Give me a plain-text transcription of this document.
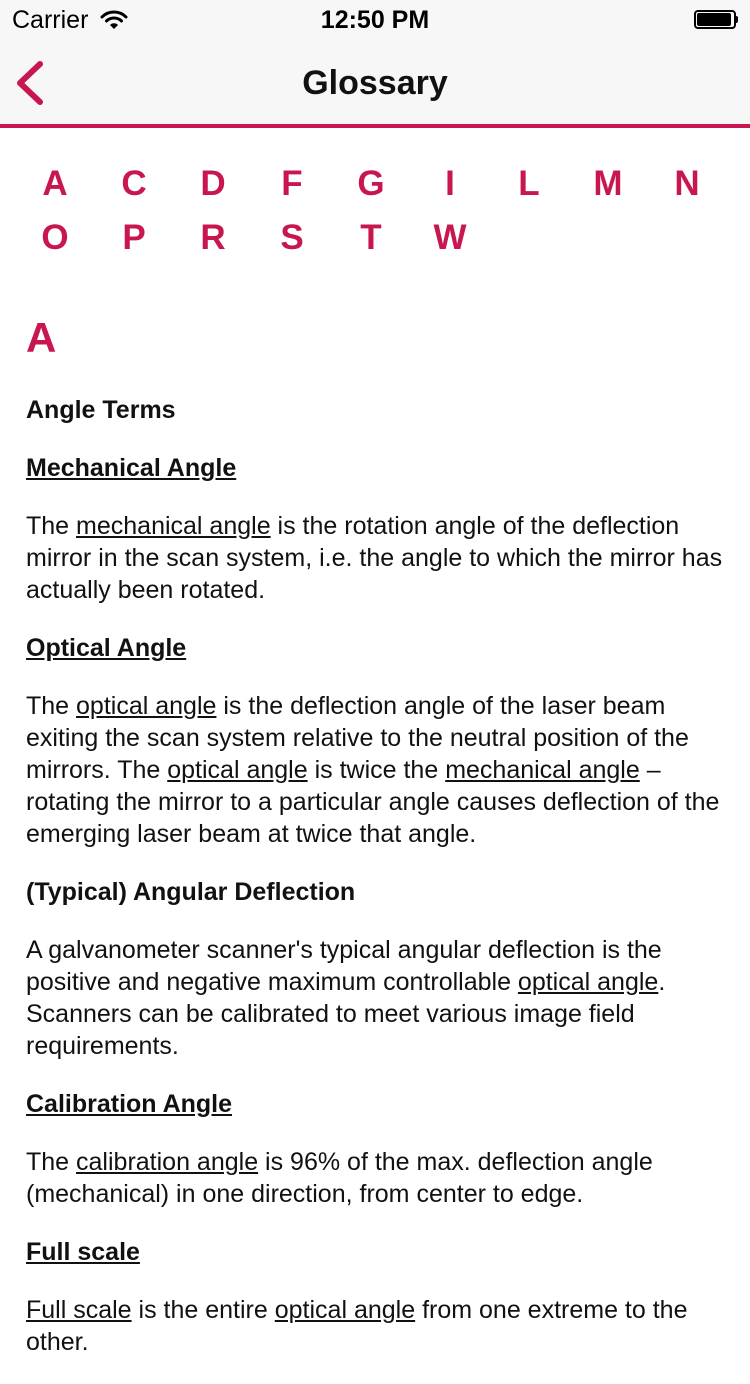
Carrier	12:50 PM
Glossary
A	C	D	F	G	I	L	M	N
O	P	R	S	T	W
A
Angle Terms
Mechanical Angle
The mechanical angle is the rotation angle of the deflection mirror in the scan system, i.e. the angle to which the mirror has actually been rotated.
Optical Angle
The optical angle is the deflection angle of the laser beam exiting the scan system relative to the neutral position of the mirrors. The optical angle is twice the mechanical angle – rotating the mirror to a particular angle causes deflection of the emerging laser beam at twice that angle.
(Typical) Angular Deflection
A galvanometer scanner's typical angular deflection is the positive and negative maximum controllable optical angle. Scanners can be calibrated to meet various image field requirements.
Calibration Angle
The calibration angle is 96% of the max. deflection angle (mechanical) in one direction, from center to edge.
Full scale
Full scale is the entire optical angle from one extreme to the other.
